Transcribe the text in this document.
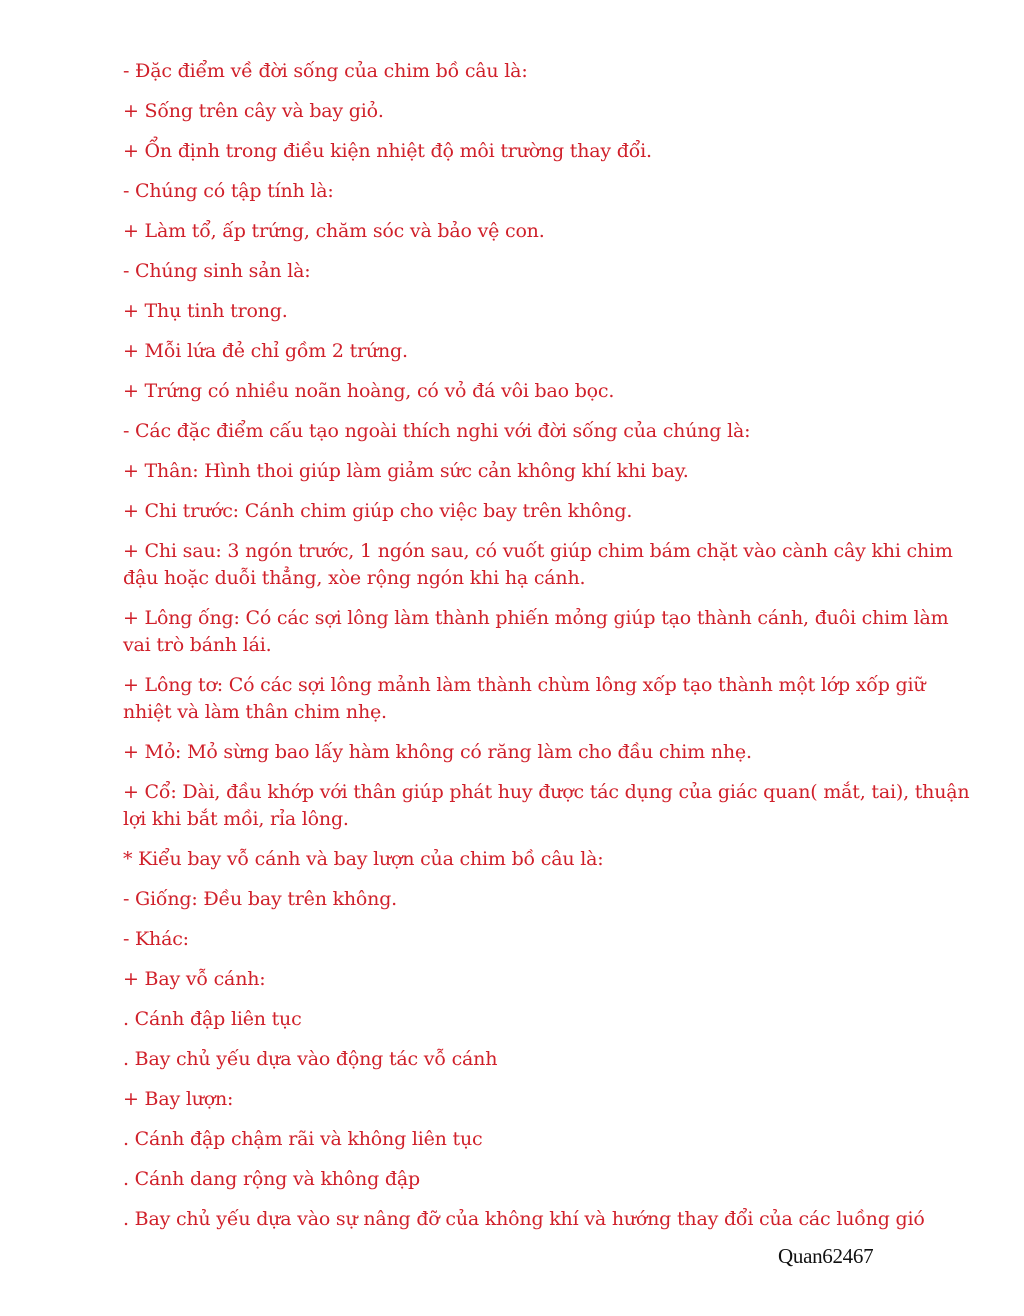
- Đặc điểm về đời sống của chim bồ câu là:
+ Sống trên cây và bay giỏ.
+ Ổn định trong điều kiện nhiệt độ môi trường thay đổi.
- Chúng có tập tính là:
+ Làm tổ, ấp trứng, chăm sóc và bảo vệ con.
- Chúng sinh sản là:
+ Thụ tinh trong.
+ Mỗi lứa đẻ chỉ gồm 2 trứng.
+ Trứng có nhiều noãn hoàng, có vỏ đá vôi bao bọc.
- Các đặc điểm cấu tạo ngoài thích nghi với đời sống của chúng là:
+ Thân: Hình thoi giúp làm giảm sức cản không khí khi bay.
+ Chi trước: Cánh chim giúp cho việc bay trên không.
+ Chi sau: 3 ngón trước, 1 ngón sau, có vuốt giúp chim bám chặt vào cành cây khi chim đậu hoặc duỗi thẳng, xòe rộng ngón khi hạ cánh.
+ Lông ống: Có các sợi lông làm thành phiến mỏng giúp tạo thành cánh, đuôi chim làm vai trò bánh lái.
+ Lông tơ: Có các sợi lông mảnh làm thành chùm lông xốp tạo thành một lớp xốp giữ nhiệt và làm thân chim nhẹ.
+ Mỏ: Mỏ sừng bao lấy hàm không có răng làm cho đầu chim nhẹ.
+ Cổ: Dài, đầu khớp với thân giúp phát huy được tác dụng của giác quan( mắt, tai), thuận lợi khi bắt mồi, rỉa lông.
* Kiểu bay vỗ cánh và bay lượn của chim bồ câu là:
- Giống: Đều bay trên không.
- Khác:
+ Bay vỗ cánh:
. Cánh đập liên tục
. Bay chủ yếu dựa vào động tác vỗ cánh
+ Bay lượn:
. Cánh đập chậm rãi và không liên tục
. Cánh dang rộng và không đập
. Bay chủ yếu dựa vào sự nâng đỡ của không khí và hướng thay đổi của các luồng gió
Quan62467
